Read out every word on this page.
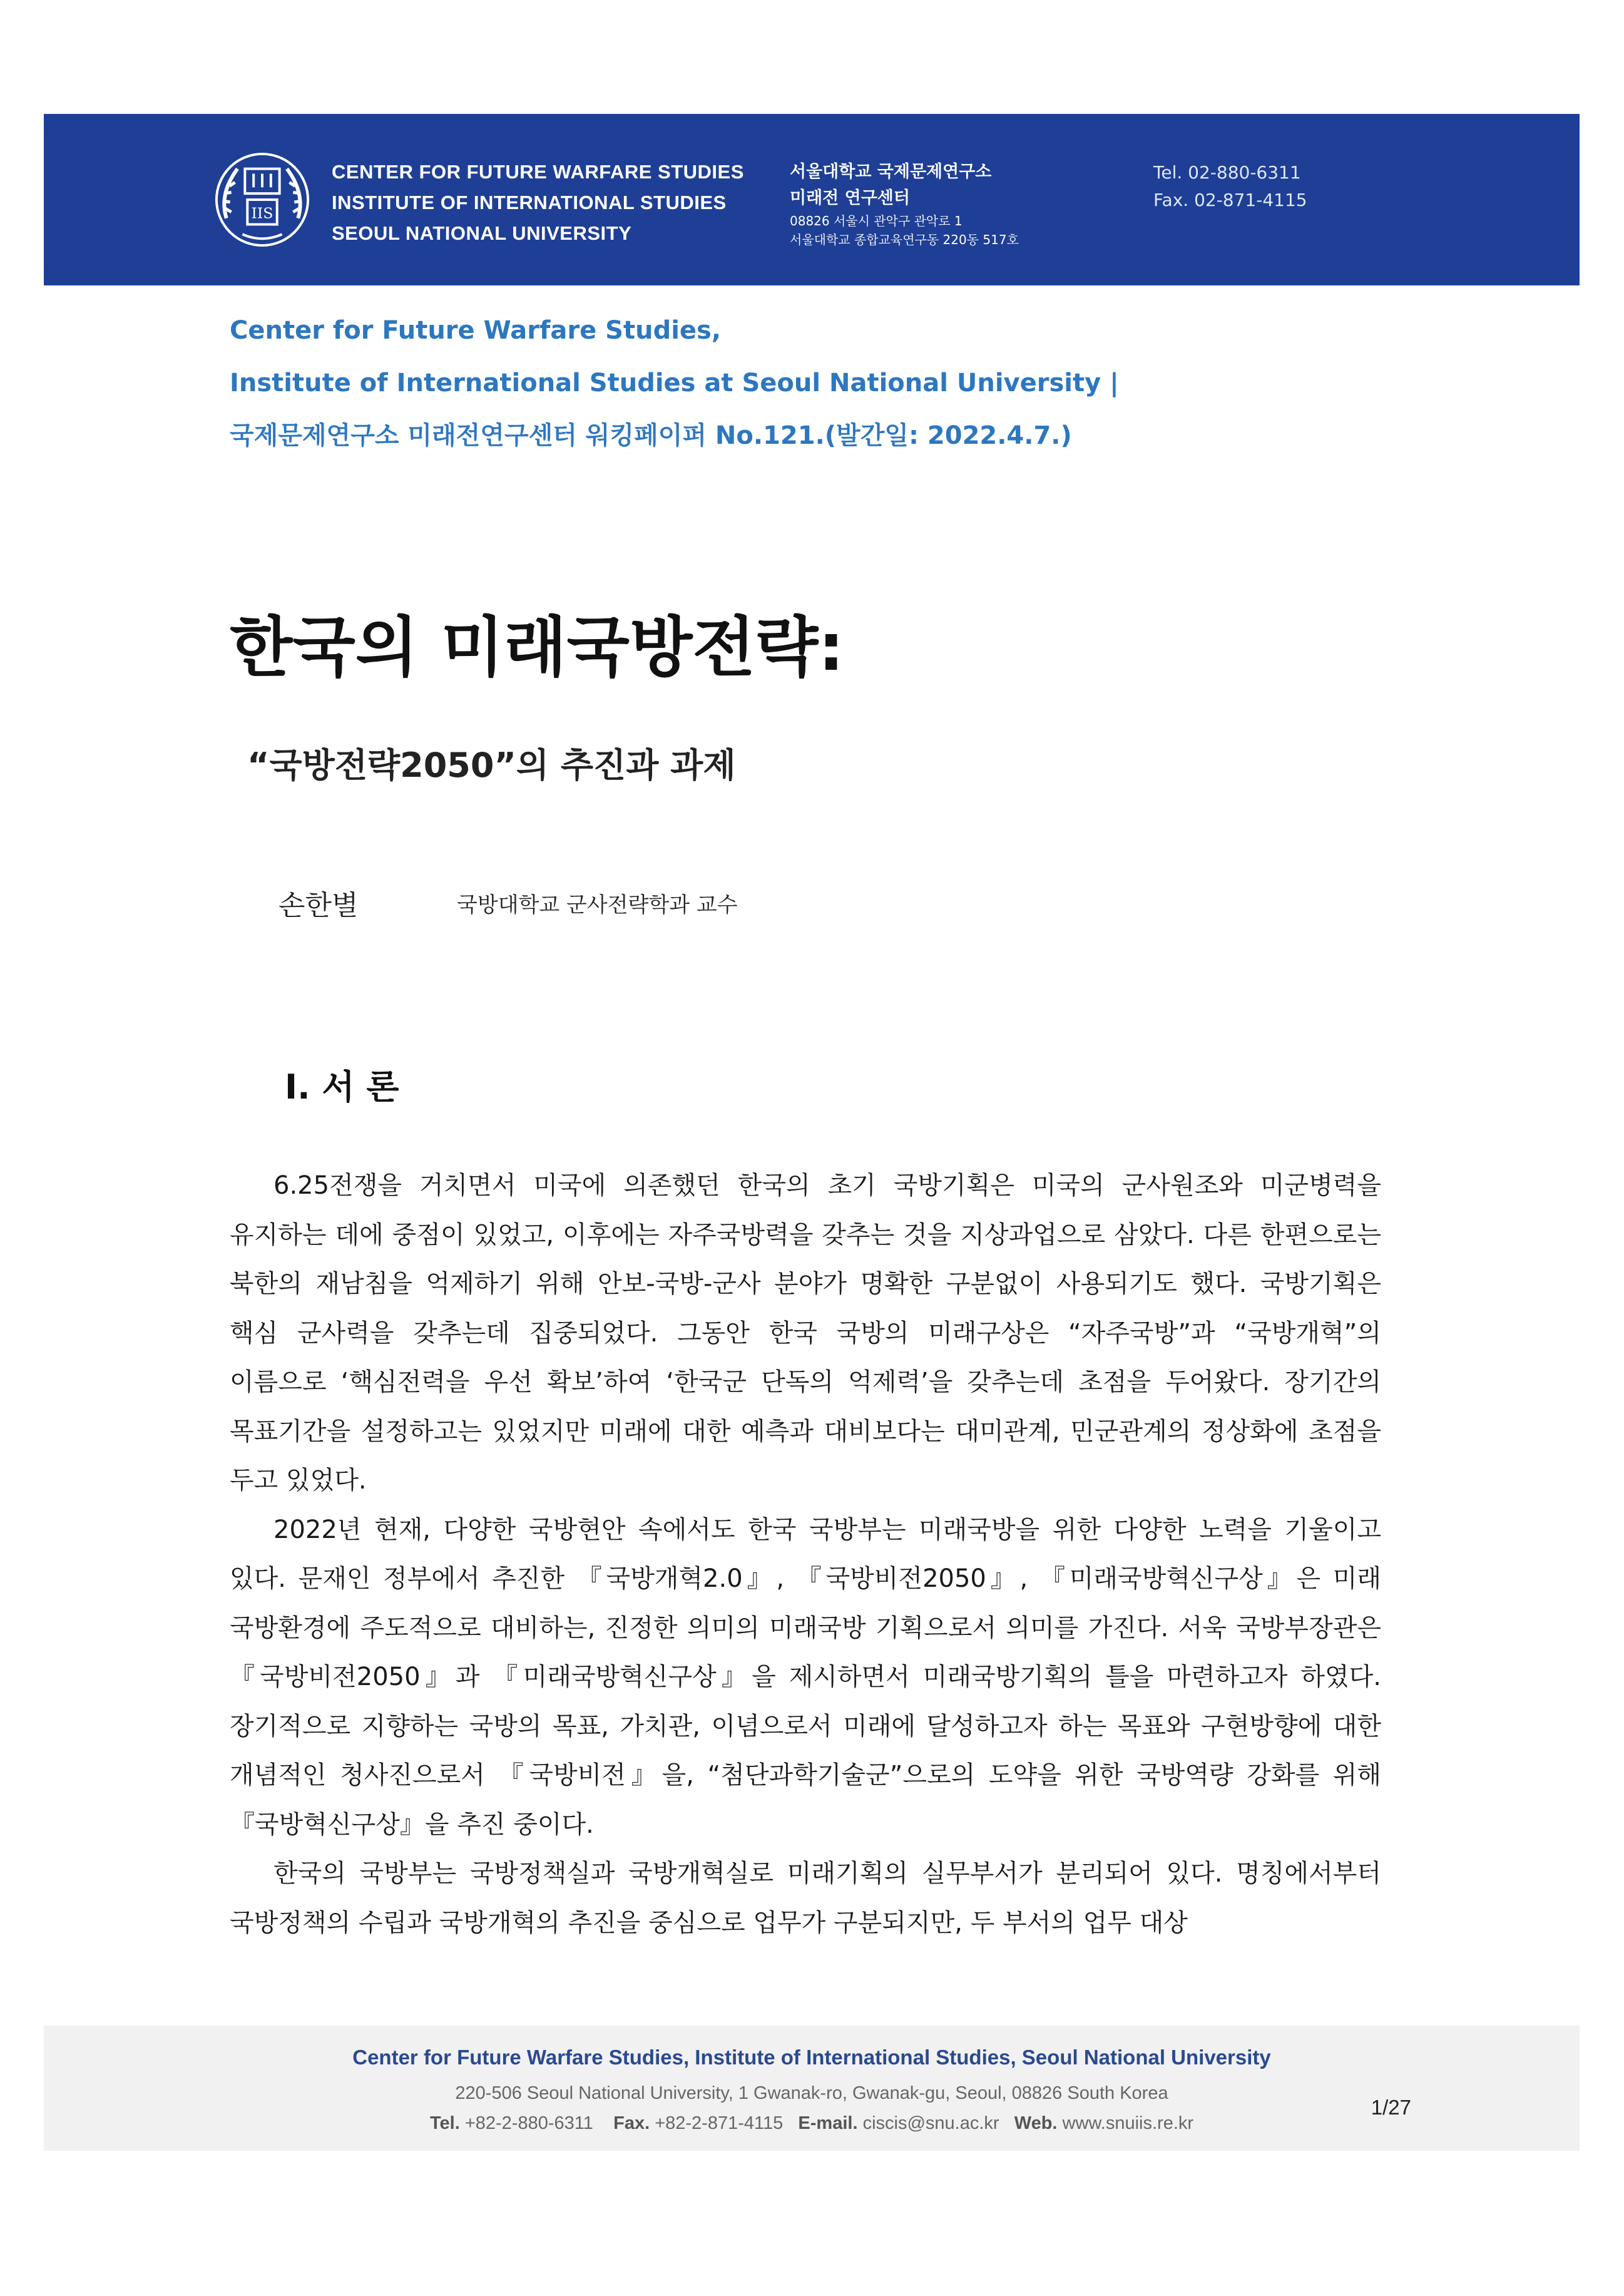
IIS
CENTER FOR FUTURE WARFARE STUDIES
INSTITUTE OF INTERNATIONAL STUDIES
SEOUL NATIONAL UNIVERSITY
서울대학교 국제문제연구소
미래전 연구센터
08826 서울시 관악구 관악로 1
서울대학교 종합교육연구동 220동 517호
Tel. 02-880-6311
Fax. 02-871-4115
Center for Future Warfare Studies,
Institute of International Studies at Seoul National University |
국제문제연구소 미래전연구센터 워킹페이퍼 No.121.(발간일: 2022.4.7.)
한국의 미래국방전략:
“국방전략2050”의 추진과 과제
손한별	국방대학교 군사전략학과 교수
Ⅰ. 서 론

6.25전쟁을 거치면서 미국에 의존했던 한국의 초기 국방기획은 미국의 군사원조와 미군병력을 유지하는 데에 중점이 있었고, 이후에는 자주국방력을 갖추는 것을 지상과업으로 삼았다. 다른 한편으로는 북한의 재남침을 억제하기 위해 안보-국방-군사 분야가 명확한 구분없이 사용되기도 했다. 국방기획은 핵심 군사력을 갖추는데 집중되었다. 그동안 한국 국방의 미래구상은 “자주국방”과 “국방개혁”의 이름으로 ‘핵심전력을 우선 확보’하여 ‘한국군 단독의 억제력’을 갖추는데 초점을 두어왔다. 장기간의 목표기간을 설정하고는 있었지만 미래에 대한 예측과 대비보다는 대미관계, 민군관계의 정상화에 초점을 두고 있었다.

2022년 현재, 다양한 국방현안 속에서도 한국 국방부는 미래국방을 위한 다양한 노력을 기울이고 있다. 문재인 정부에서 추진한 『국방개혁2.0』, 『국방비전2050』, 『미래국방혁신구상』은 미래 국방환경에 주도적으로 대비하는, 진정한 의미의 미래국방 기획으로서 의미를 가진다. 서욱 국방부장관은 『국방비전2050』과 『미래국방혁신구상』을 제시하면서 미래국방기획의 틀을 마련하고자 하였다. 장기적으로 지향하는 국방의 목표, 가치관, 이념으로서 미래에 달성하고자 하는 목표와 구현방향에 대한 개념적인 청사진으로서 『국방비전』을, “첨단과학기술군”으로의 도약을 위한 국방역량 강화를 위해 『국방혁신구상』을 추진 중이다.

한국의 국방부는 국방정책실과 국방개혁실로 미래기획의 실무부서가 분리되어 있다. 명칭에서부터 국방정책의 수립과 국방개혁의 추진을 중심으로 업무가 구분되지만, 두 부서의 업무 대상

Center for Future Warfare Studies, Institute of International Studies, Seoul National University
220-506 Seoul National University, 1 Gwanak-ro, Gwanak-gu, Seoul, 08826 South Korea
Tel. +82-2-880-6311 Fax. +82-2-871-4115 E-mail. ciscis@snu.ac.kr Web. www.snuiis.re.kr
1/27
